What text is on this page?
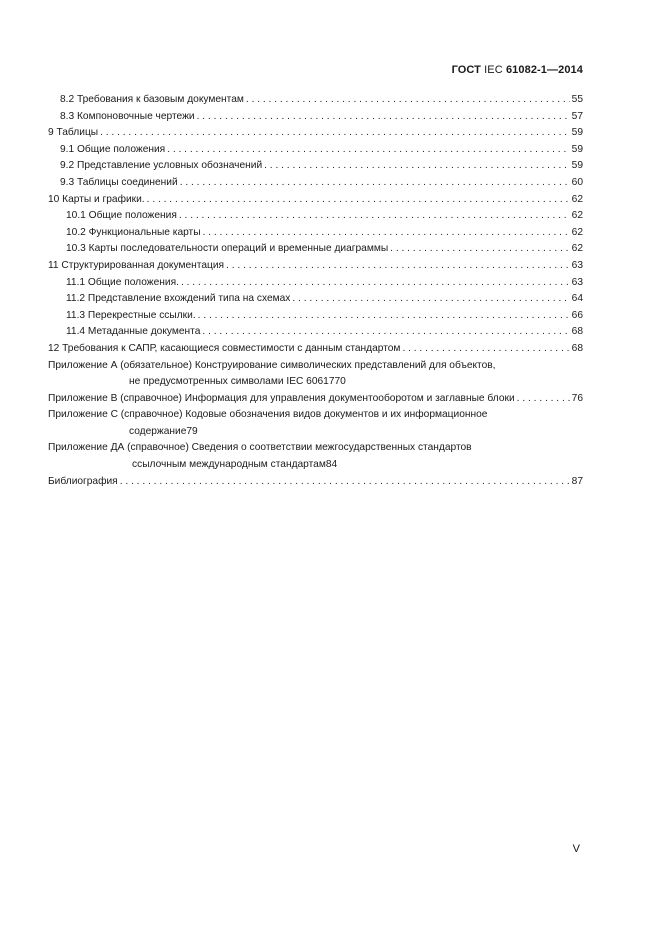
ГОСТ IEC 61082-1—2014
8.2 Требования к базовым документам . . .	55
8.3 Компоновочные чертежи . . .	57
9 Таблицы . . .	59
9.1 Общие положения . . .	59
9.2 Представление условных обозначений . . .	59
9.3 Таблицы соединений . . .	60
10 Карты и графики. . . .	62
10.1 Общие положения . . .	62
10.2 Функциональные карты . . .	62
10.3 Карты последовательности операций и временные диаграммы . . .	62
11 Структурированная документация . . .	63
11.1 Общие положения. . . .	63
11.2 Представление вхождений типа на схемах . . .	64
11.3 Перекрестные ссылки. . . .	66
11.4 Метаданные документа . . .	68
12 Требования к САПР, касающиеся совместимости с данным стандартом . . .	68
Приложение А (обязательное) Конструирование символических представлений для объектов,
не предусмотренных символами IEC 60617 70
Приложение В (справочное) Информация для управления документооборотом и заглавные блоки . . .	76
Приложение С (справочное) Кодовые обозначения видов документов и их информационное
содержание 79
Приложение ДА (справочное) Сведения о соответствии межгосударственных стандартов
ссылочным международным стандартам 84
Библиография . . .	87
V
